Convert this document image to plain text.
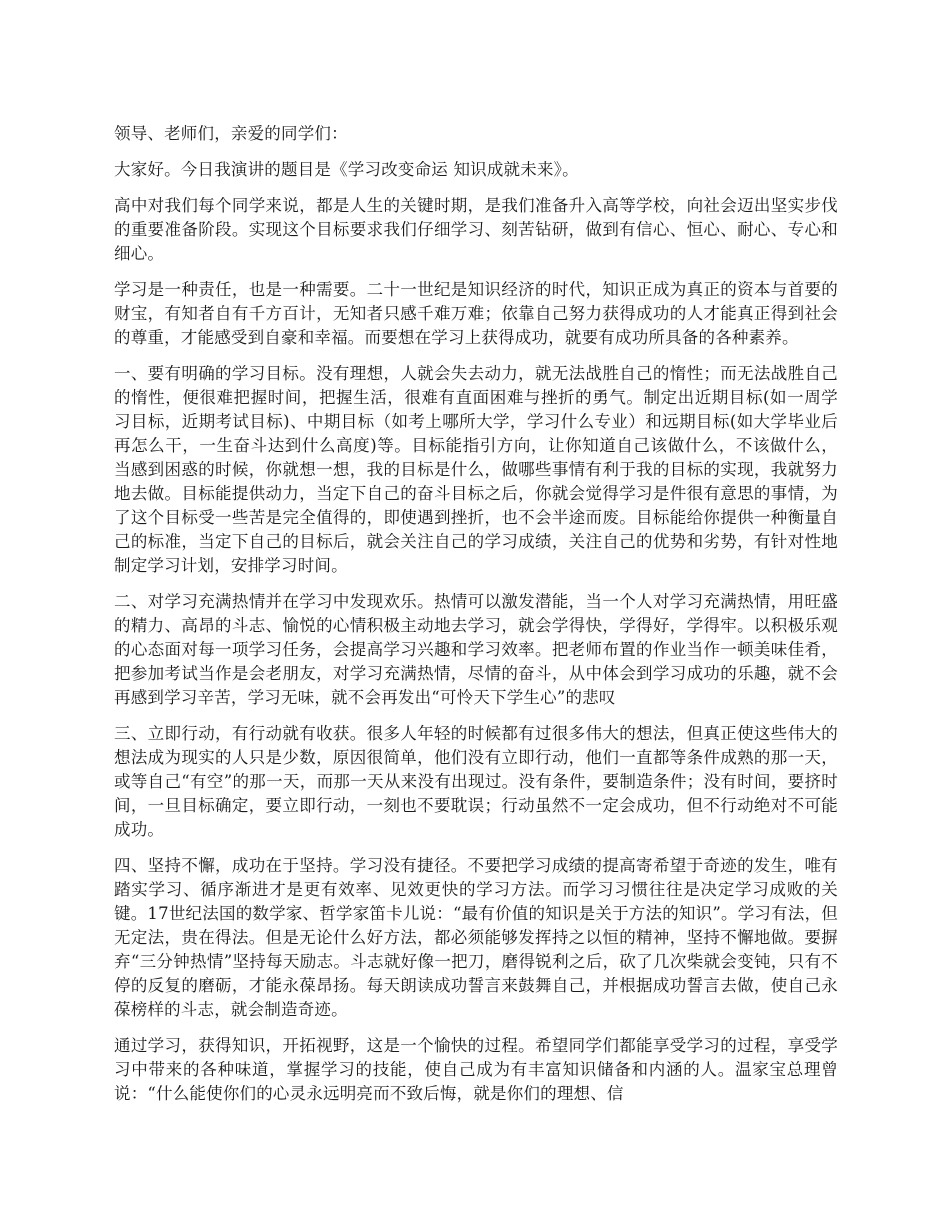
领导、老师们，亲爱的同学们：

大家好。今日我演讲的题目是《学习改变命运 知识成就未来》。

高中对我们每个同学来说，都是人生的关键时期，是我们准备升入高等学校，向社会迈出坚实步伐的重要准备阶段。实现这个目标要求我们仔细学习、刻苦钻研，做到有信心、恒心、耐心、专心和细心。

学习是一种责任，也是一种需要。二十一世纪是知识经济的时代，知识正成为真正的资本与首要的财宝，有知者自有千方百计，无知者只感千难万难；依靠自己努力获得成功的人才能真正得到社会的尊重，才能感受到自豪和幸福。而要想在学习上获得成功，就要有成功所具备的各种素养。

一、要有明确的学习目标。没有理想，人就会失去动力，就无法战胜自己的惰性；而无法战胜自己的惰性，便很难把握时间，把握生活，很难有直面困难与挫折的勇气。制定出近期目标(如一周学习目标，近期考试目标)、中期目标（如考上哪所大学，学习什么专业）和远期目标(如大学毕业后再怎么干，一生奋斗达到什么高度)等。目标能指引方向，让你知道自己该做什么，不该做什么，当感到困惑的时候，你就想一想，我的目标是什么，做哪些事情有利于我的目标的实现，我就努力地去做。目标能提供动力，当定下自己的奋斗目标之后，你就会觉得学习是件很有意思的事情，为了这个目标受一些苦是完全值得的，即使遇到挫折，也不会半途而废。目标能给你提供一种衡量自己的标准，当定下自己的目标后，就会关注自己的学习成绩，关注自己的优势和劣势，有针对性地制定学习计划，安排学习时间。

二、对学习充满热情并在学习中发现欢乐。热情可以激发潜能，当一个人对学习充满热情，用旺盛的精力、高昂的斗志、愉悦的心情积极主动地去学习，就会学得快，学得好，学得牢。以积极乐观的心态面对每一项学习任务，会提高学习兴趣和学习效率。把老师布置的作业当作一顿美味佳肴，把参加考试当作是会老朋友，对学习充满热情，尽情的奋斗，从中体会到学习成功的乐趣，就不会再感到学习辛苦，学习无味，就不会再发出“可怜天下学生心”的悲叹

三、立即行动，有行动就有收获。很多人年轻的时候都有过很多伟大的想法，但真正使这些伟大的想法成为现实的人只是少数，原因很简单，他们没有立即行动，他们一直都等条件成熟的那一天，或等自己“有空”的那一天，而那一天从来没有出现过。没有条件，要制造条件；没有时间，要挤时间，一旦目标确定，要立即行动，一刻也不要耽误；行动虽然不一定会成功，但不行动绝对不可能成功。

四、坚持不懈，成功在于坚持。学习没有捷径。不要把学习成绩的提高寄希望于奇迹的发生，唯有踏实学习、循序渐进才是更有效率、见效更快的学习方法。而学习习惯往往是决定学习成败的关键。17世纪法国的数学家、哲学家笛卡儿说：“最有价值的知识是关于方法的知识”。学习有法，但无定法，贵在得法。但是无论什么好方法，都必须能够发挥持之以恒的精神，坚持不懈地做。要摒弃“三分钟热情”坚持每天励志。斗志就好像一把刀，磨得锐利之后，砍了几次柴就会变钝，只有不停的反复的磨砺，才能永葆昂扬。每天朗读成功誓言来鼓舞自己，并根据成功誓言去做，使自己永葆榜样的斗志，就会制造奇迹。

通过学习，获得知识，开拓视野，这是一个愉快的过程。希望同学们都能享受学习的过程，享受学习中带来的各种味道，掌握学习的技能，使自己成为有丰富知识储备和内涵的人。温家宝总理曾说：“什么能使你们的心灵永远明亮而不致后悔，就是你们的理想、信
